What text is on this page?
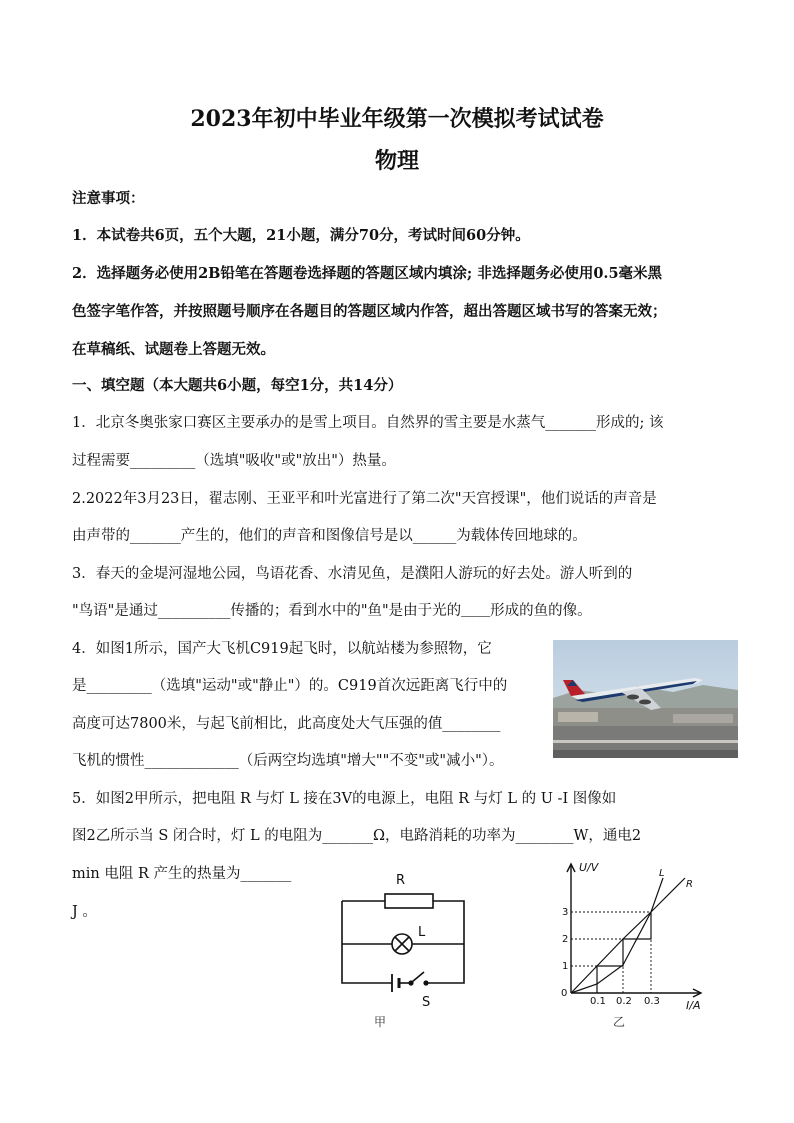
2023年初中毕业年级第一次模拟考试试卷
物理
注意事项：
1．本试卷共6页，五个大题，21小题，满分70分，考试时间60分钟。
2．选择题务必使用2B铅笔在答题卷选择题的答题区域内填涂; 非选择题务必使用0.5毫米黑
色签字笔作答，并按照题号顺序在各题目的答题区域内作答，超出答题区域书写的答案无效；
在草稿纸、试题卷上答题无效。
一、填空题（本大题共6小题，每空1分，共14分）
1．北京冬奥张家口赛区主要承办的是雪上项目。自然界的雪主要是水蒸气_______形成的; 该
过程需要_________（选填"吸收"或"放出"）热量。
2.2022年3月23日，翟志刚、王亚平和叶光富进行了第二次"天宫授课"，他们说话的声音是
由声带的_______产生的，他们的声音和图像信号是以______为载体传回地球的。
3．春天的金堤河湿地公园，鸟语花香、水清见鱼，是濮阳人游玩的好去处。游人听到的
"鸟语"是通过__________传播的；看到水中的"鱼"是由于光的＿＿形成的鱼的像。
4．如图1所示，国产大飞机C919起飞时，以航站楼为参照物，它
是_________（选填"运动"或"静止"）的。C919首次远距离飞行中的
高度可达7800米，与起飞前相比，此高度处大气压强的值________
飞机的惯性_____________（后两空均选填"增大""不变"或"减小"）。
5．如图2甲所示，把电阻 R 与灯 L 接在3V的电源上，电阻 R 与灯 L 的 U -I 图像如
图2乙所示当 S 闭合时，灯 L 的电阻为_______Ω，电路消耗的功率为________W，通电2
min 电阻 R 产生的热量为_______
J 。
R
L
S
甲
U/V
I/A
0
1
2
3
0.1 0.2 0.3
L
R
乙
